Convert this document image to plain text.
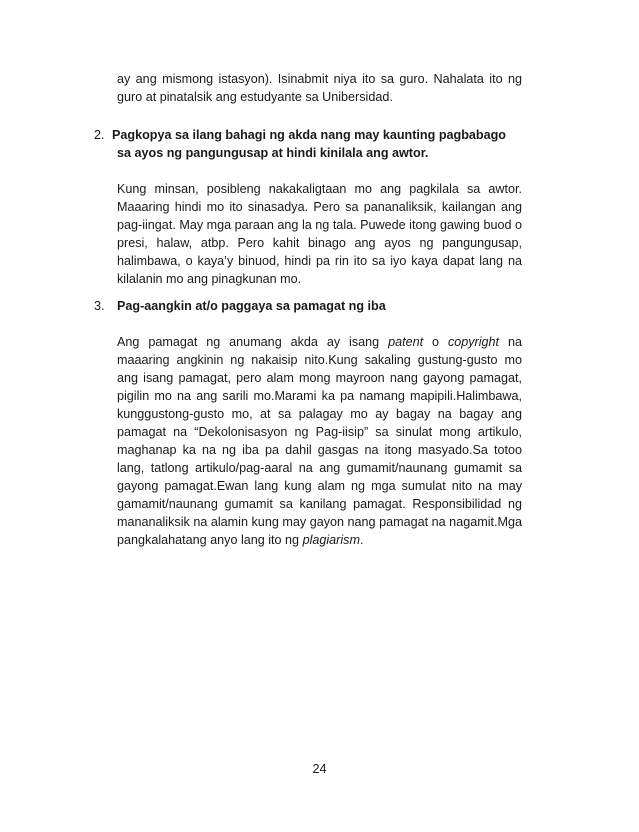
ay ang mismong istasyon). Isinabmit niya ito sa guro. Nahalata ito ng guro at pinatalsik ang estudyante sa Unibersidad.

2. Pagkopya sa ilang bahagi ng akda nang may kaunting pagbabago
sa ayos ng pangungusap at hindi kinilala ang awtor.

Kung minsan, posibleng nakakaligtaan mo ang pagkilala sa awtor. Maaaring hindi mo ito sinasadya. Pero sa pananaliksik, kailangan ang pag-iingat. May mga paraan ang la ng tala. Puwede itong gawing buod o presi, halaw, atbp. Pero kahit binago ang ayos ng pangungusap, halimbawa, o kaya’y binuod, hindi pa rin ito sa iyo kaya dapat lang na kilalanin mo ang pinagkunan mo.

3. Pag-aangkin at/o paggaya sa pamagat ng iba

Ang pamagat ng anumang akda ay isang patent o copyright na maaaring angkinin ng nakaisip nito.Kung sakaling gustung-gusto mo ang isang pamagat, pero alam mong mayroon nang gayong pamagat, pigilin mo na ang sarili mo.Marami ka pa namang mapipili.Halimbawa, kunggustong-gusto mo, at sa palagay mo ay bagay na bagay ang pamagat na “Dekolonisasyon ng Pag-iisip” sa sinulat mong artikulo, maghanap ka na ng iba pa dahil gasgas na itong masyado.Sa totoo lang, tatlong artikulo/pag-aaral na ang gumamit/naunang gumamit sa gayong pamagat.Ewan lang kung alam ng mga sumulat nito na may gamamit/naunang gumamit sa kanilang pamagat. Responsibilidad ng mananaliksik na alamin kung may gayon nang pamagat na nagamit.Mga pangkalahatang anyo lang ito ng plagiarism.

24
